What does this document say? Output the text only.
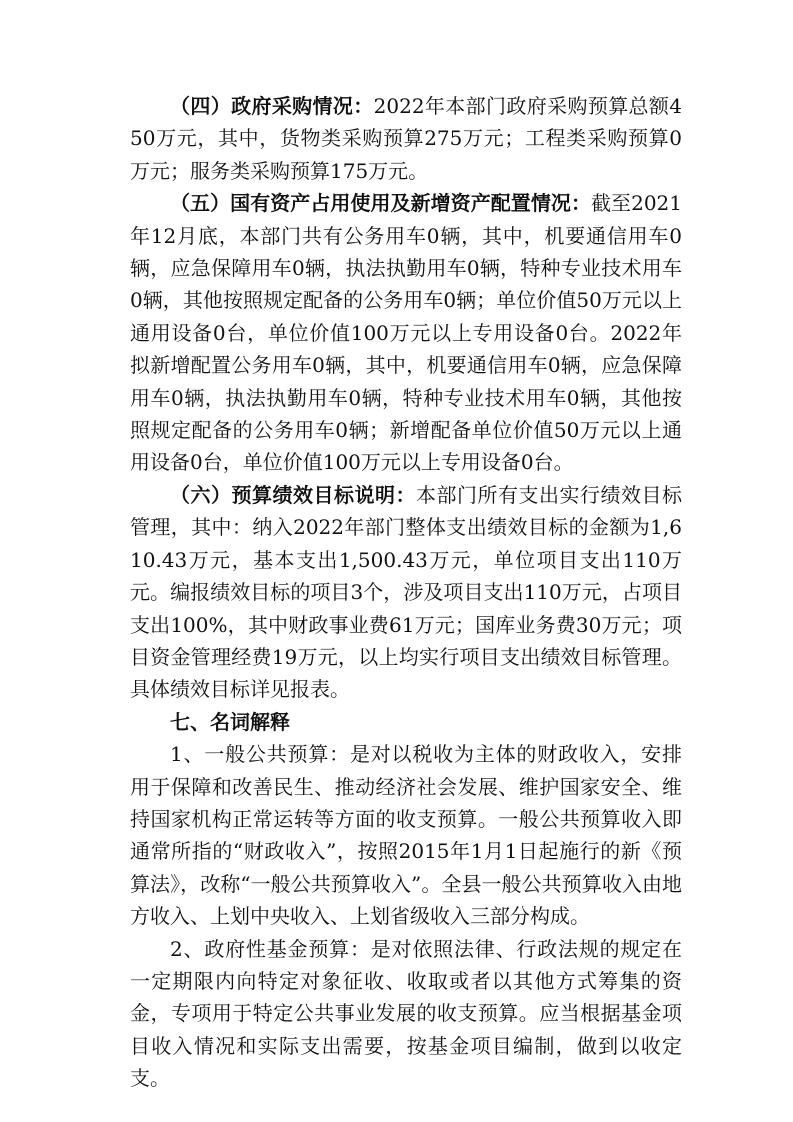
（四）政府采购情况：2022年本部门政府采购预算总额450万元，其中，货物类采购预算275万元；工程类采购预算0万元；服务类采购预算175万元。

（五）国有资产占用使用及新增资产配置情况：截至2021年12月底，本部门共有公务用车0辆，其中，机要通信用车0辆，应急保障用车0辆，执法执勤用车0辆，特种专业技术用车0辆，其他按照规定配备的公务用车0辆；单位价值50万元以上通用设备0台，单位价值100万元以上专用设备0台。2022年拟新增配置公务用车0辆，其中，机要通信用车0辆，应急保障用车0辆，执法执勤用车0辆，特种专业技术用车0辆，其他按照规定配备的公务用车0辆；新增配备单位价值50万元以上通用设备0台，单位价值100万元以上专用设备0台。

（六）预算绩效目标说明：本部门所有支出实行绩效目标管理，其中：纳入2022年部门整体支出绩效目标的金额为1,610.43万元，基本支出1,500.43万元，单位项目支出110万元。编报绩效目标的项目3个，涉及项目支出110万元，占项目支出100%，其中财政事业费61万元；国库业务费30万元；项目资金管理经费19万元，以上均实行项目支出绩效目标管理。具体绩效目标详见报表。

七、名词解释

1、一般公共预算：是对以税收为主体的财政收入，安排用于保障和改善民生、推动经济社会发展、维护国家安全、维持国家机构正常运转等方面的收支预算。一般公共预算收入即通常所指的“财政收入”，按照2015年1月1日起施行的新《预算法》，改称“一般公共预算收入”。全县一般公共预算收入由地方收入、上划中央收入、上划省级收入三部分构成。

2、政府性基金预算：是对依照法律、行政法规的规定在一定期限内向特定对象征收、收取或者以其他方式筹集的资金，专项用于特定公共事业发展的收支预算。应当根据基金项目收入情况和实际支出需要，按基金项目编制，做到以收定支。
